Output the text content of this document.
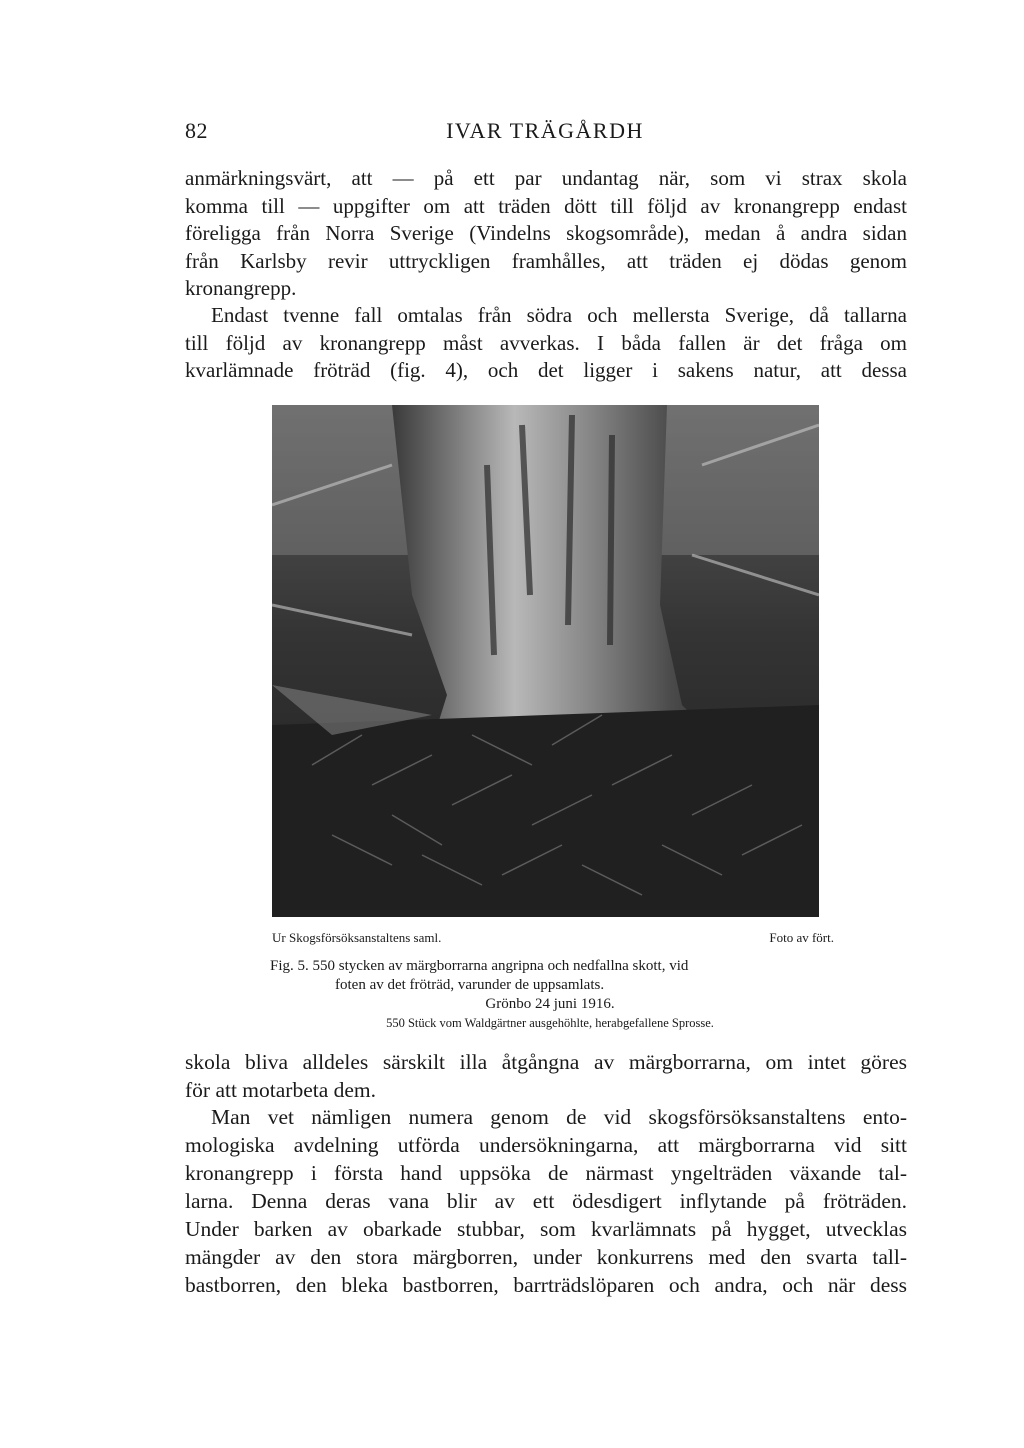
82	IVAR TRÄGÅRDH
anmärkningsvärt, att — på ett par undantag när, som vi strax skola
komma till — uppgifter om att träden dött till följd av kronangrepp endast
föreligga från Norra Sverige (Vindelns skogsområde), medan å andra sidan
från Karlsby revir uttryckligen framhålles, att träden ej dödas genom
kronangrepp.
Endast tvenne fall omtalas från södra och mellersta Sverige, då tallarna
till följd av kronangrepp måst avverkas. I båda fallen är det fråga om
kvarlämnade fröträd (fig. 4), och det ligger i sakens natur, att dessa
Ur Skogsförsöksanstaltens saml.	Foto av fört.
Fig. 5. 550 stycken av märgborrarna angripna och nedfallna skott, vid
foten av det fröträd, varunder de uppsamlats.
Grönbo 24 juni 1916.
550 Stück vom Waldgärtner ausgehöhlte, herabgefallene Sprosse.
skola bliva alldeles särskilt illa åtgångna av märgborrarna, om intet göres
för att motarbeta dem.
Man vet nämligen numera genom de vid skogsförsöksanstaltens ento-
mologiska avdelning utförda undersökningarna, att märgborrarna vid sitt
kronangrepp i första hand uppsöka de närmast yngelträden växande tal-
larna. Denna deras vana blir av ett ödesdigert inflytande på fröträden.
Under barken av obarkade stubbar, som kvarlämnats på hygget, utvecklas
mängder av den stora märgborren, under konkurrens med den svarta tall-
bastborren, den bleka bastborren, barrträdslöparen och andra, och när dess
